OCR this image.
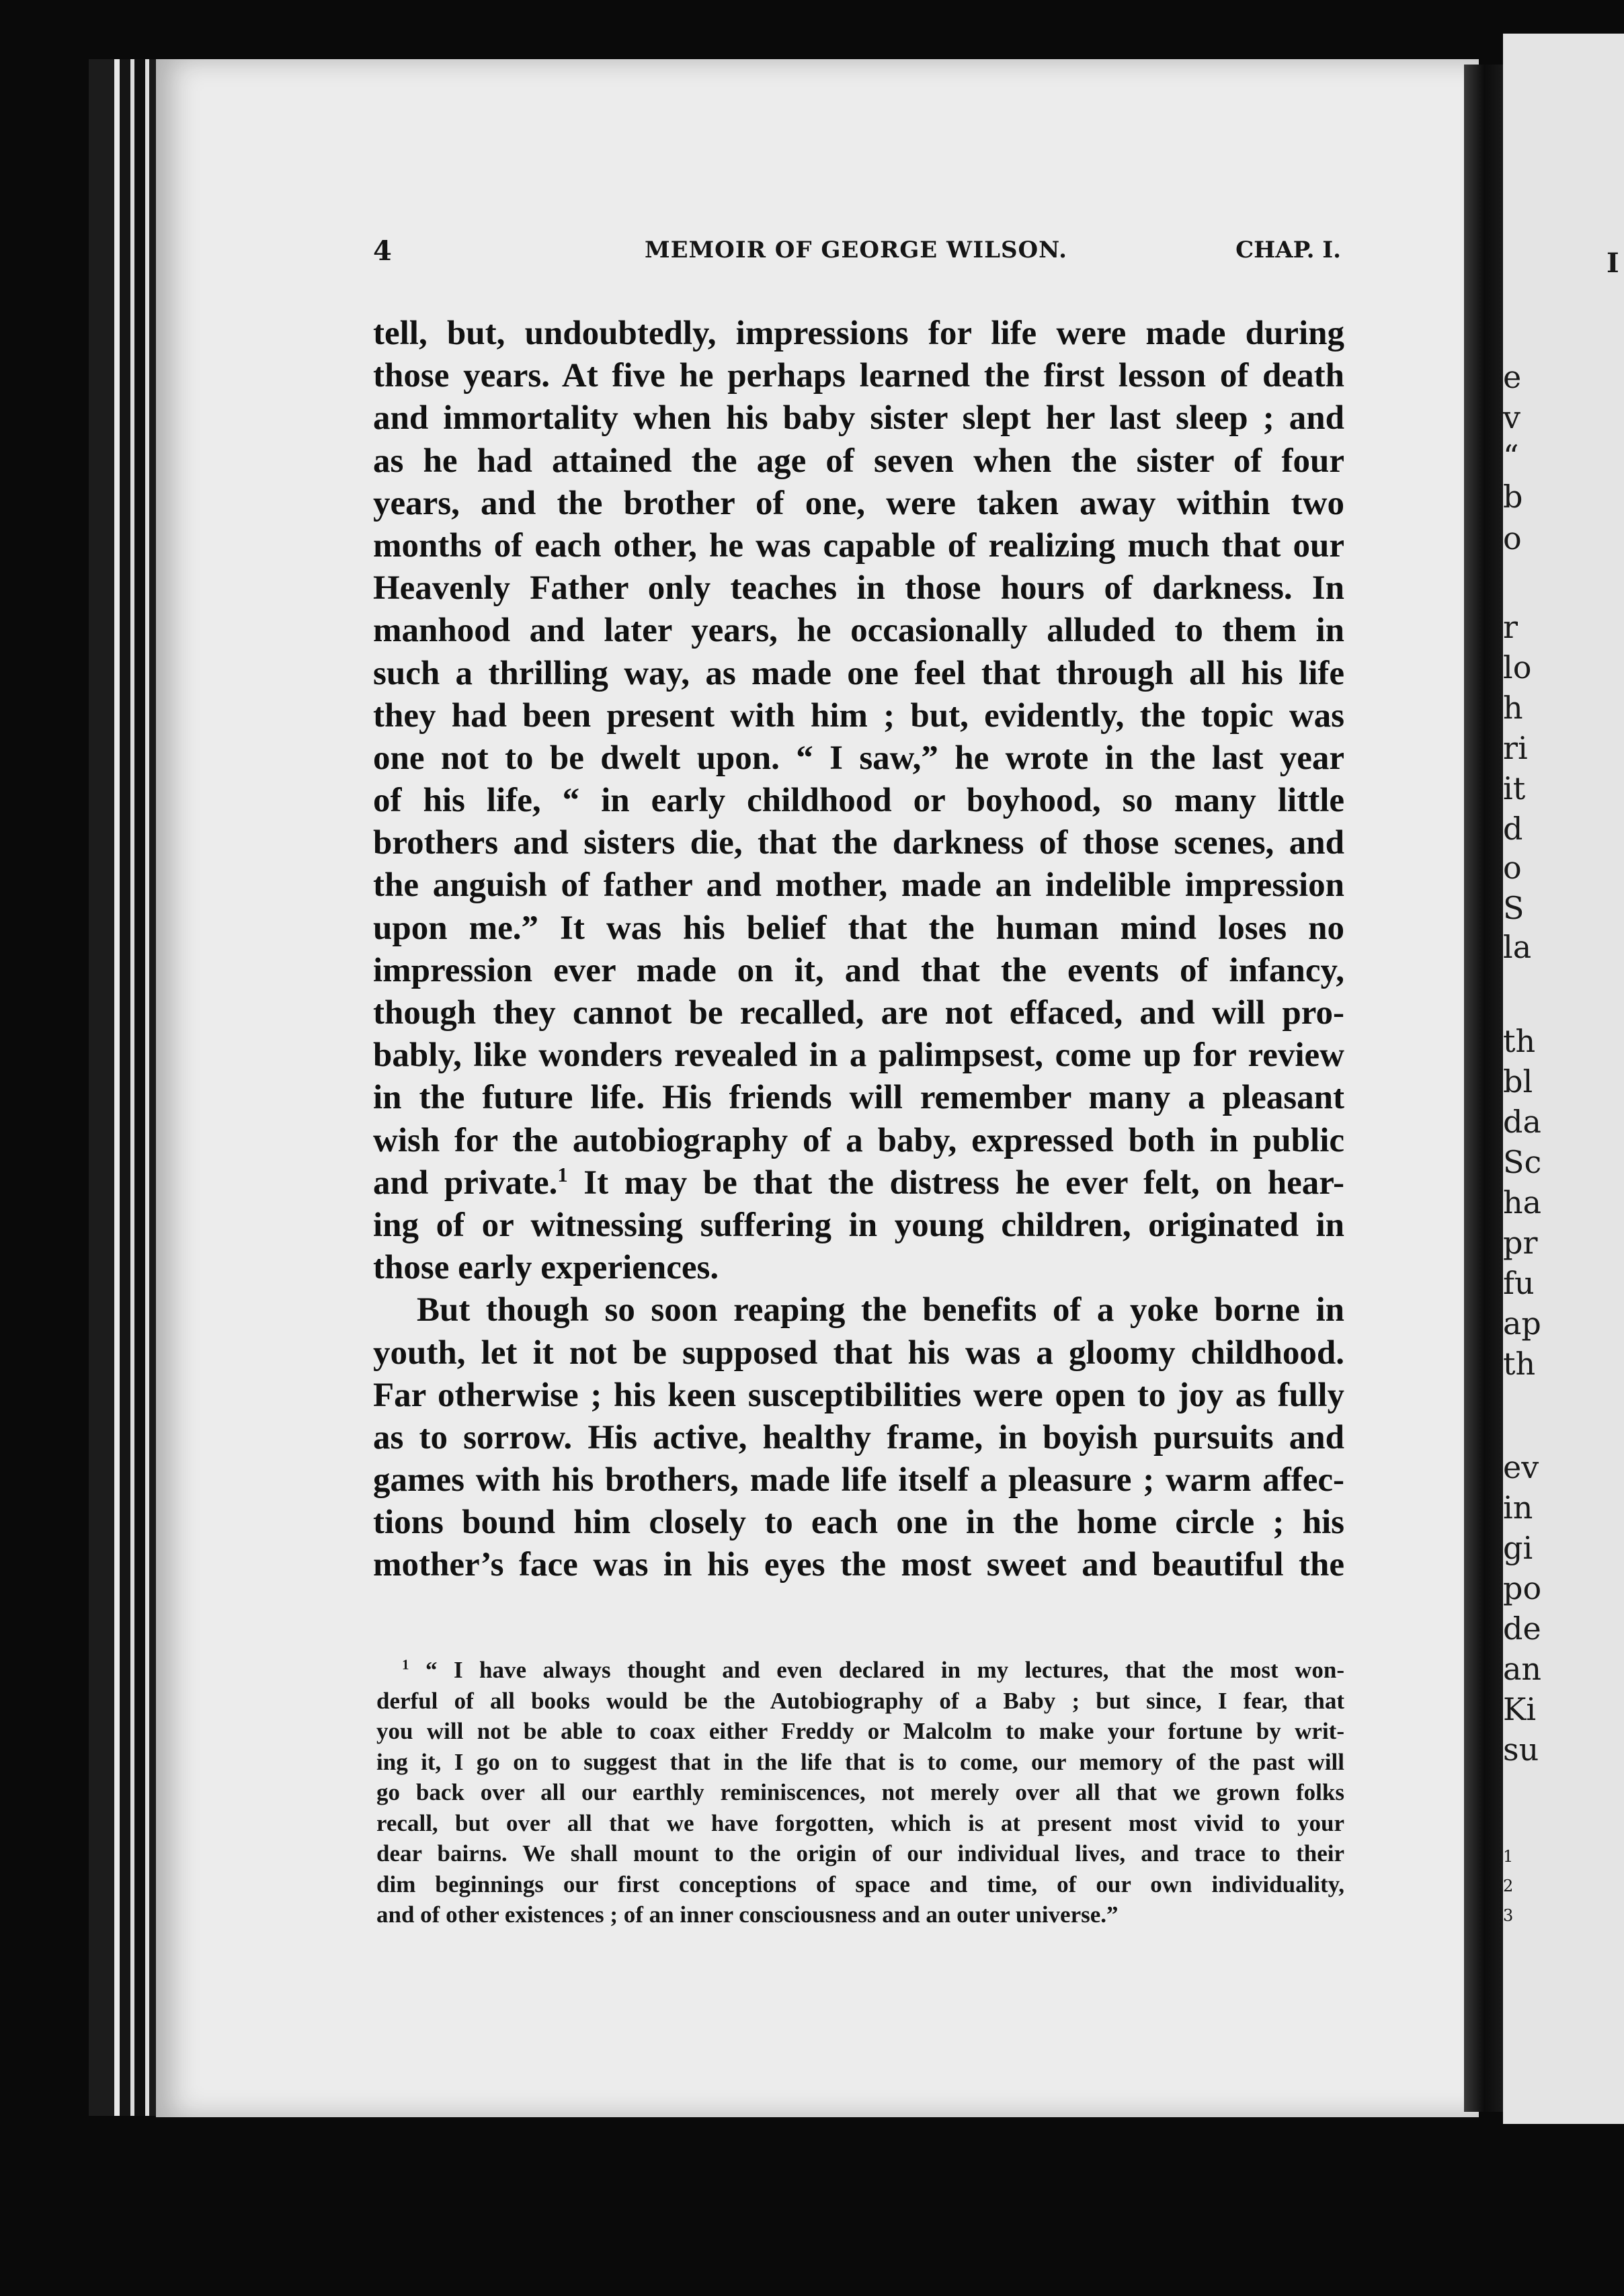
4	MEMOIR OF GEORGE WILSON.	CHAP. I.
tell, but, undoubtedly, impressions for life were made during
those years. At five he perhaps learned the first lesson of death
and immortality when his baby sister slept her last sleep ; and
as he had attained the age of seven when the sister of four
years, and the brother of one, were taken away within two
months of each other, he was capable of realizing much that our
Heavenly Father only teaches in those hours of darkness. In
manhood and later years, he occasionally alluded to them in
such a thrilling way, as made one feel that through all his life
they had been present with him ; but, evidently, the topic was
one not to be dwelt upon. “ I saw,” he wrote in the last year
of his life, “ in early childhood or boyhood, so many little
brothers and sisters die, that the darkness of those scenes, and
the anguish of father and mother, made an indelible impression
upon me.” It was his belief that the human mind loses no
impression ever made on it, and that the events of infancy,
though they cannot be recalled, are not effaced, and will pro-
bably, like wonders revealed in a palimpsest, come up for review
in the future life. His friends will remember many a pleasant
wish for the autobiography of a baby, expressed both in public
and private.$^1$ It may be that the distress he ever felt, on hear-
ing of or witnessing suffering in young children, originated in
those early experiences.
But though so soon reaping the benefits of a yoke borne in
youth, let it not be supposed that his was a gloomy childhood.
Far otherwise ; his keen susceptibilities were open to joy as fully
as to sorrow. His active, healthy frame, in boyish pursuits and
games with his brothers, made life itself a pleasure ; warm affec-
tions bound him closely to each one in the home circle ; his
mother’s face was in his eyes the most sweet and beautiful the
$^1$ “ I have always thought and even declared in my lectures, that the most won-
derful of all books would be the Autobiography of a Baby ; but since, I fear, that
you will not be able to coax either Freddy or Malcolm to make your fortune by writ-
ing it, I go on to suggest that in the life that is to come, our memory of the past will
go back over all our earthly reminiscences, not merely over all that we grown folks
recall, but over all that we have forgotten, which is at present most vivid to your
dear bairns. We shall mount to the origin of our individual lives, and trace to their
dim beginnings our first conceptions of space and time, of our own individuality,
and of other existences ; of an inner consciousness and an outer universe.”
I
e
v
“
b
o
r
lo
h
ri
it
d
o
S
la
th
bl
da
Sc
ha
pr
fu
ap
th
ev
in
gi
po
de
an
Ki
su
1
2
3
